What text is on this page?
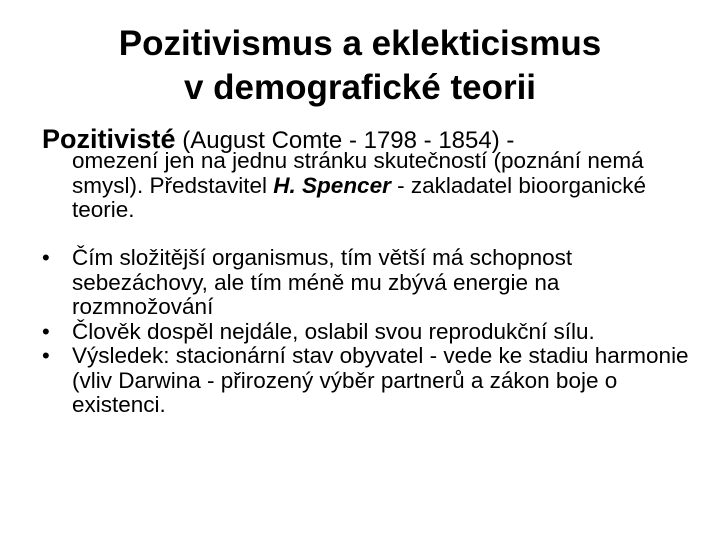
Pozitivismus a eklekticismus
v demografické teorii
Pozitivisté (August Comte - 1798 - 1854) -
omezení jen na jednu stránku skutečností (poznání nemá smysl). Představitel H. Spencer - zakladatel bioorganické teorie.
• Čím složitější organismus, tím větší má schopnost sebezáchovy, ale tím méně mu zbývá energie na rozmnožování
• Člověk dospěl nejdále, oslabil svou reprodukční sílu.
• Výsledek: stacionární stav obyvatel - vede ke stadiu harmonie (vliv Darwina - přirozený výběr partnerů a zákon boje o existenci.
